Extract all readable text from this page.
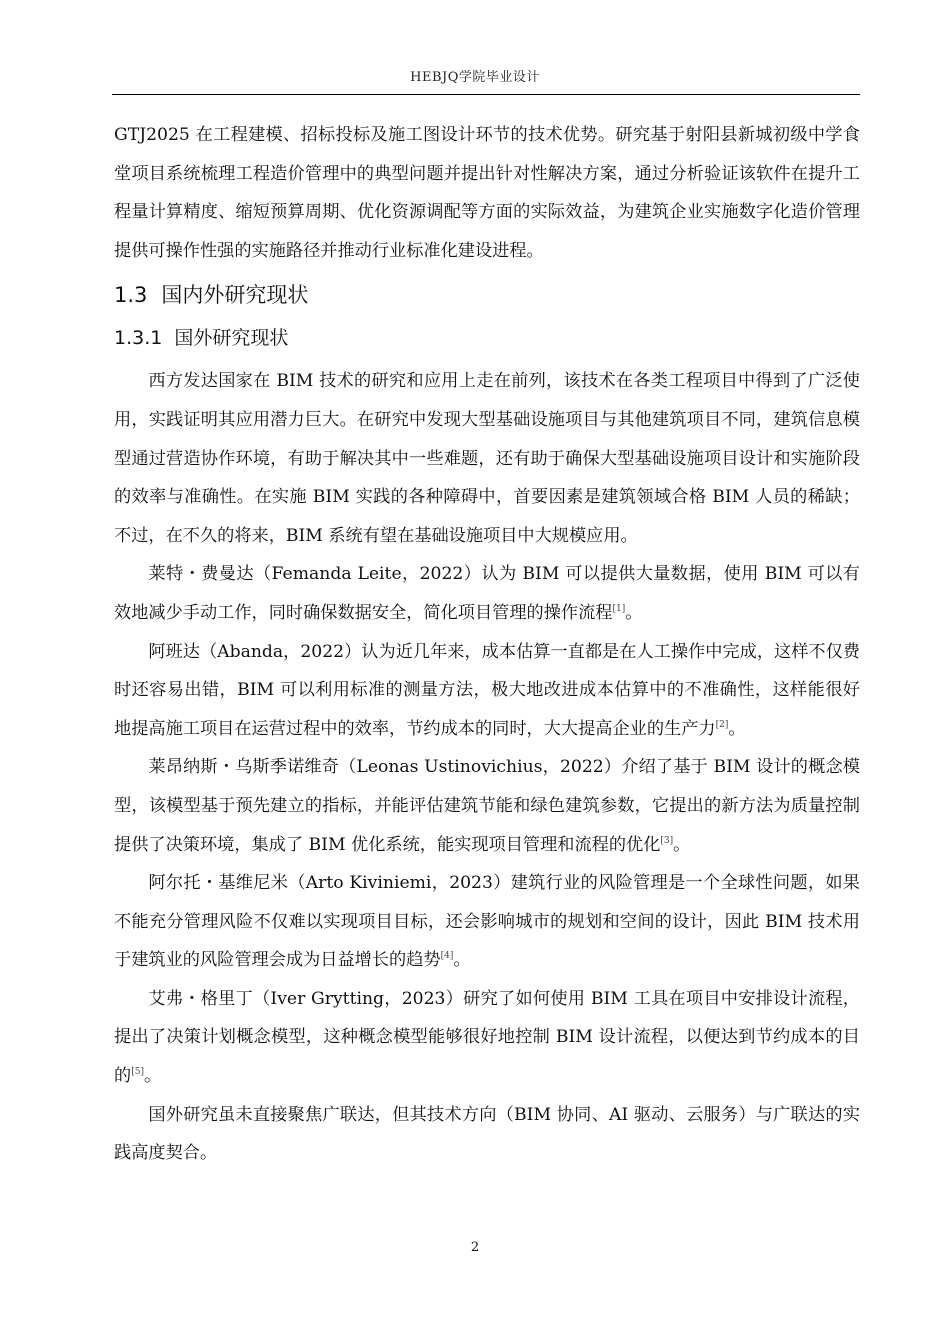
HEBJQ学院毕业设计

GTJ2025 在工程建模、招标投标及施工图设计环节的技术优势。研究基于射阳县新城初级中学食堂项目系统梳理工程造价管理中的典型问题并提出针对性解决方案，通过分析验证该软件在提升工程量计算精度、缩短预算周期、优化资源调配等方面的实际效益，为建筑企业实施数字化造价管理提供可操作性强的实施路径并推动行业标准化建设进程。

1.3 国内外研究现状
1.3.1 国外研究现状

西方发达国家在 BIM 技术的研究和应用上走在前列，该技术在各类工程项目中得到了广泛使用，实践证明其应用潜力巨大。在研究中发现大型基础设施项目与其他建筑项目不同，建筑信息模型通过营造协作环境，有助于解决其中一些难题，还有助于确保大型基础设施项目设计和实施阶段的效率与准确性。在实施 BIM 实践的各种障碍中，首要因素是建筑领域合格 BIM 人员的稀缺；不过，在不久的将来，BIM 系统有望在基础设施项目中大规模应用。

莱特・费曼达（Femanda Leite，2022）认为 BIM 可以提供大量数据，使用 BIM 可以有效地减少手动工作，同时确保数据安全，简化项目管理的操作流程[1]。

阿班达（Abanda，2022）认为近几年来，成本估算一直都是在人工操作中完成，这样不仅费时还容易出错，BIM 可以利用标准的测量方法，极大地改进成本估算中的不准确性，这样能很好地提高施工项目在运营过程中的效率，节约成本的同时，大大提高企业的生产力[2]。

莱昂纳斯・乌斯季诺维奇（Leonas Ustinovichius，2022）介绍了基于 BIM 设计的概念模型，该模型基于预先建立的指标，并能评估建筑节能和绿色建筑参数，它提出的新方法为质量控制提供了决策环境，集成了 BIM 优化系统，能实现项目管理和流程的优化[3]。

阿尔托・基维尼米（Arto Kiviniemi，2023）建筑行业的风险管理是一个全球性问题，如果不能充分管理风险不仅难以实现项目目标，还会影响城市的规划和空间的设计，因此 BIM 技术用于建筑业的风险管理会成为日益增长的趋势[4]。

艾弗・格里丁（Iver Grytting，2023）研究了如何使用 BIM 工具在项目中安排设计流程，提出了决策计划概念模型，这种概念模型能够很好地控制 BIM 设计流程，以便达到节约成本的目的[5]。

国外研究虽未直接聚焦广联达，但其技术方向（BIM 协同、AI 驱动、云服务）与广联达的实践高度契合。

2
